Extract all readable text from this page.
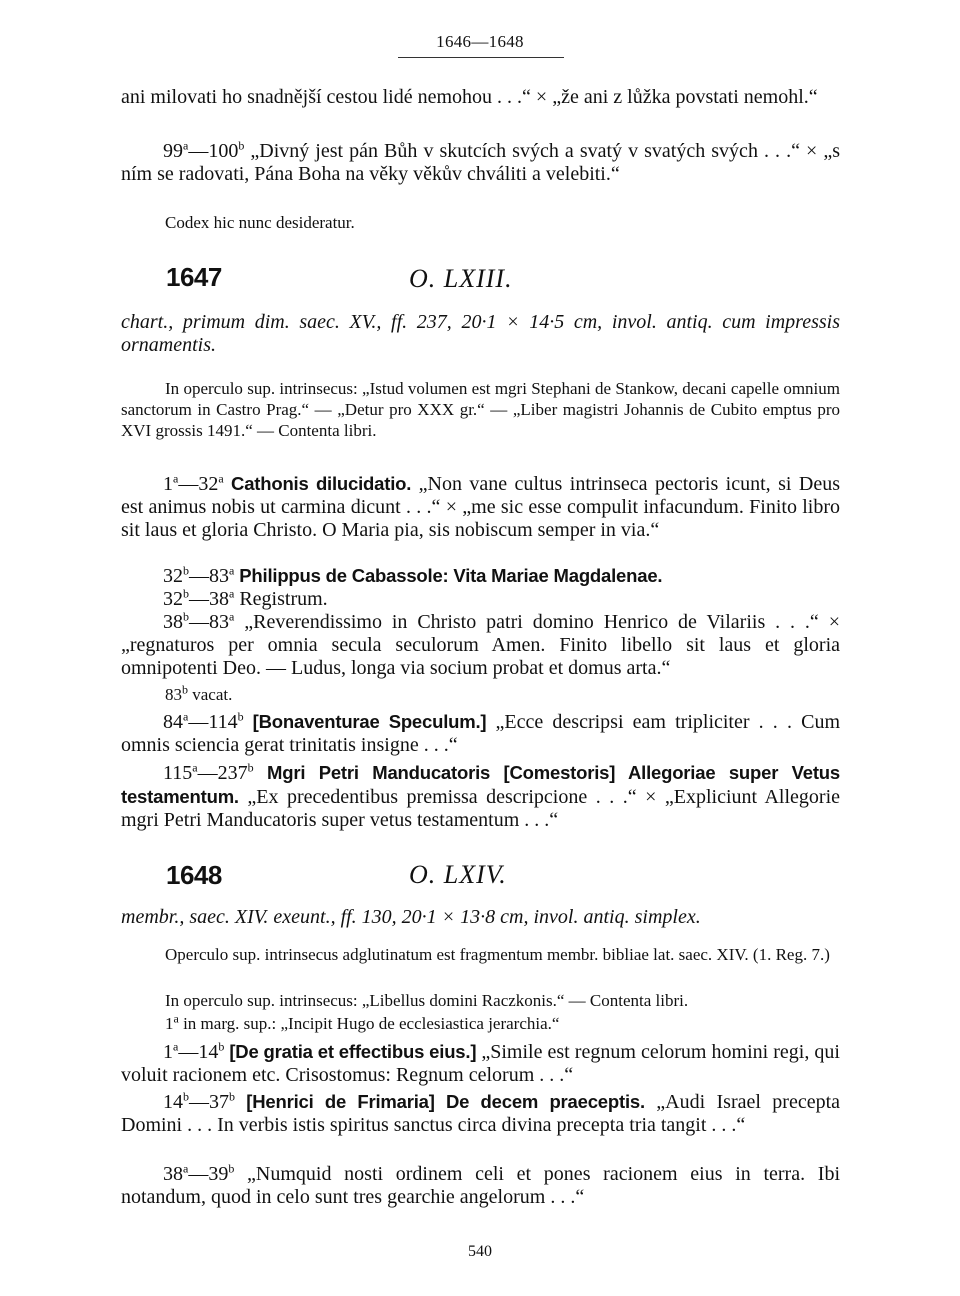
1646—1648

ani milovati ho snadnější cestou lidé nemohou . . .“ × „že ani z lůžka povstati nemohl.“

99$^a$—100$^b$ „Divný jest pán Bůh v skutcích svých a svatý v svatých svých . . .“ × „s ním se radovati, Pána Boha na věky věkův chváliti a velebiti.“

Codex hic nunc desideratur.

1647	O. LXIII.

chart., primum dim. saec. XV., ff. 237, 20·1 × 14·5 cm, invol. antiq. cum impressis ornamentis.

In operculo sup. intrinsecus: „Istud volumen est mgri Stephani de Stankow, decani capelle omnium sanctorum in Castro Prag.“ — „Detur pro XXX gr.“ — „Liber magistri Johannis de Cubito emptus pro XVI grossis 1491.“ — Contenta libri.

1$^a$—32$^a$ Cathonis dilucidatio. „Non vane cultus intrinseca pectoris icunt, si Deus est animus nobis ut carmina dicunt . . .“ × „me sic esse compulit infacundum. Finito libro sit laus et gloria Christo. O Maria pia, sis nobiscum semper in via.“

32$^b$—83$^a$ Philippus de Cabassole: Vita Mariae Magdalenae.

32$^b$—38$^a$ Registrum.

38$^b$—83$^a$ „Reverendissimo in Christo patri domino Henrico de Vilariis . . .“ × „regnaturos per omnia secula seculorum Amen. Finito libello sit laus et gloria omnipotenti Deo. — Ludus, longa via socium probat et domus arta.“

83$^b$ vacat.

84$^a$—114$^b$ [Bonaventurae Speculum.] „Ecce descripsi eam tripliciter . . . Cum omnis sciencia gerat trinitatis insigne . . .“

115$^a$—237$^b$ Mgri Petri Manducatoris [Comestoris] Allegoriae super Vetus testamentum. „Ex precedentibus premissa descripcione . . .“ × „Expliciunt Allegorie mgri Petri Manducatoris super vetus testamentum . . .“

1648	O. LXIV.

membr., saec. XIV. exeunt., ff. 130, 20·1 × 13·8 cm, invol. antiq. simplex.

Operculo sup. intrinsecus adglutinatum est fragmentum membr. bibliae lat. saec. XIV. (1. Reg. 7.)

In operculo sup. intrinsecus: „Libellus domini Raczkonis.“ — Contenta libri.

1$^a$ in marg. sup.: „Incipit Hugo de ecclesiastica jerarchia.“

1$^a$—14$^b$ [De gratia et effectibus eius.] „Simile est regnum celorum homini regi, qui voluit racionem etc. Crisostomus: Regnum celorum . . .“

14$^b$—37$^b$ [Henrici de Frimaria] De decem praeceptis. „Audi Israel precepta Domini . . . In verbis istis spiritus sanctus circa divina precepta tria tangit . . .“

38$^a$—39$^b$ „Numquid nosti ordinem celi et pones racionem eius in terra. Ibi notandum, quod in celo sunt tres gearchie angelorum . . .“

540
